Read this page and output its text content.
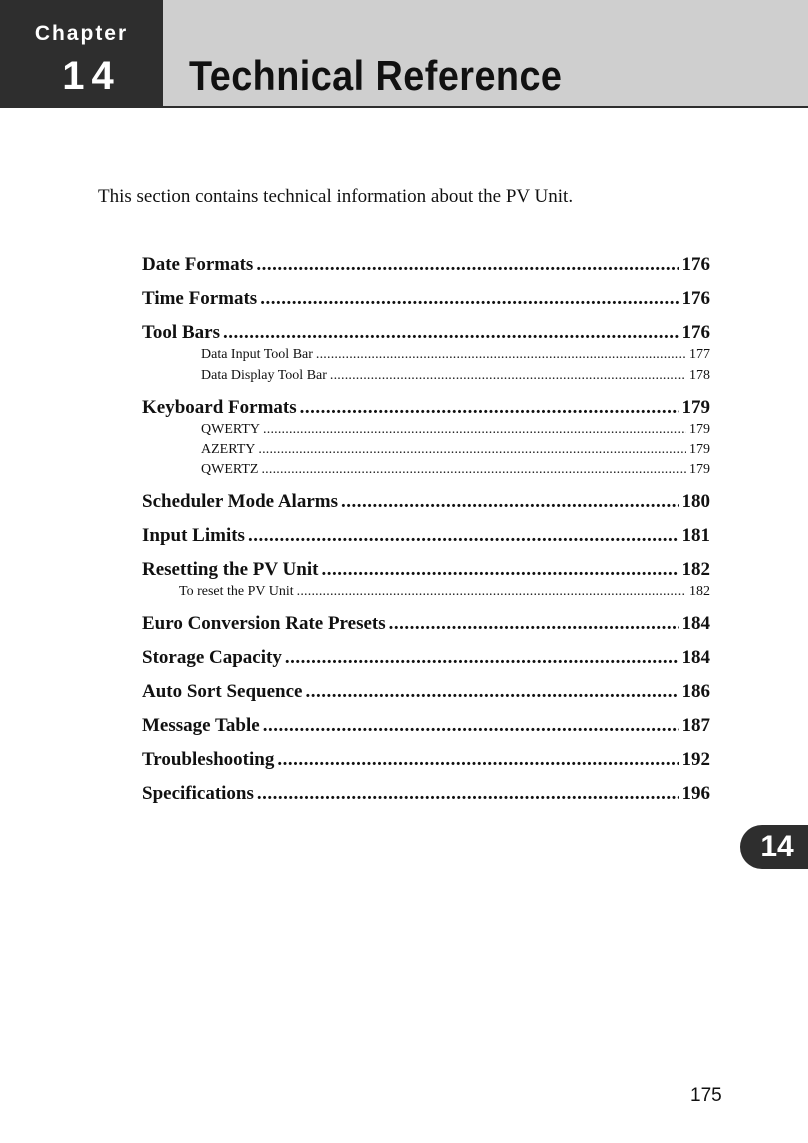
Chapter
14	Technical Reference
This section contains technical information about the PV Unit.
Date Formats .....	176
Time Formats .....	176
Tool Bars .....	176
Data Input Tool Bar .....	177
Data Display Tool Bar .....	178
Keyboard Formats .....	179
QWERTY .....	179
AZERTY .....	179
QWERTZ .....	179
Scheduler Mode Alarms .....	180
Input Limits .....	181
Resetting the PV Unit .....	182
To reset the PV Unit .....	182
Euro Conversion Rate Presets .....	184
Storage Capacity .....	184
Auto Sort Sequence .....	186
Message Table .....	187
Troubleshooting .....	192
Specifications .....	196
14
175
